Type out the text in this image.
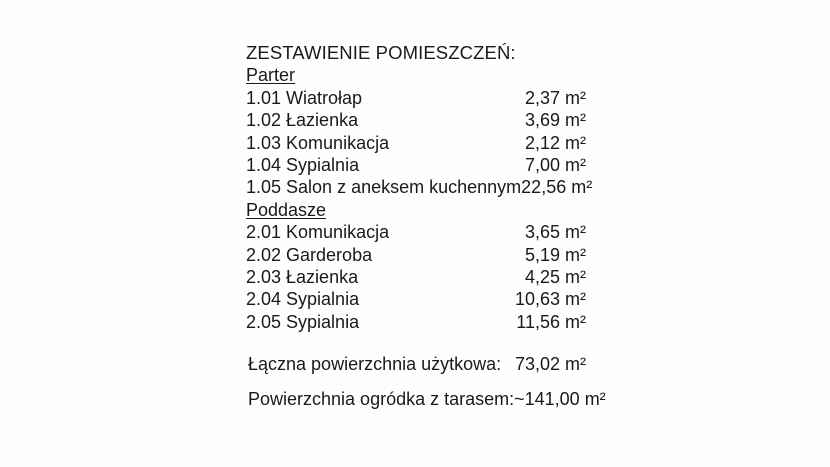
ZESTAWIENIE POMIESZCZEŃ:
Parter
1.01 Wiatrołap	2,37 m²
1.02 Łazienka	3,69 m²
1.03 Komunikacja	2,12 m²
1.04 Sypialnia	7,00 m²
1.05 Salon z aneksem kuchennym 22,56 m²
Poddasze
2.01 Komunikacja	3,65 m²
2.02 Garderoba	5,19 m²
2.03 Łazienka	4,25 m²
2.04 Sypialnia	10,63 m²
2.05 Sypialnia	11,56 m²
Łączna powierzchnia użytkowa: 73,02 m²
Powierzchnia ogródka z tarasem: ~141,00 m²
